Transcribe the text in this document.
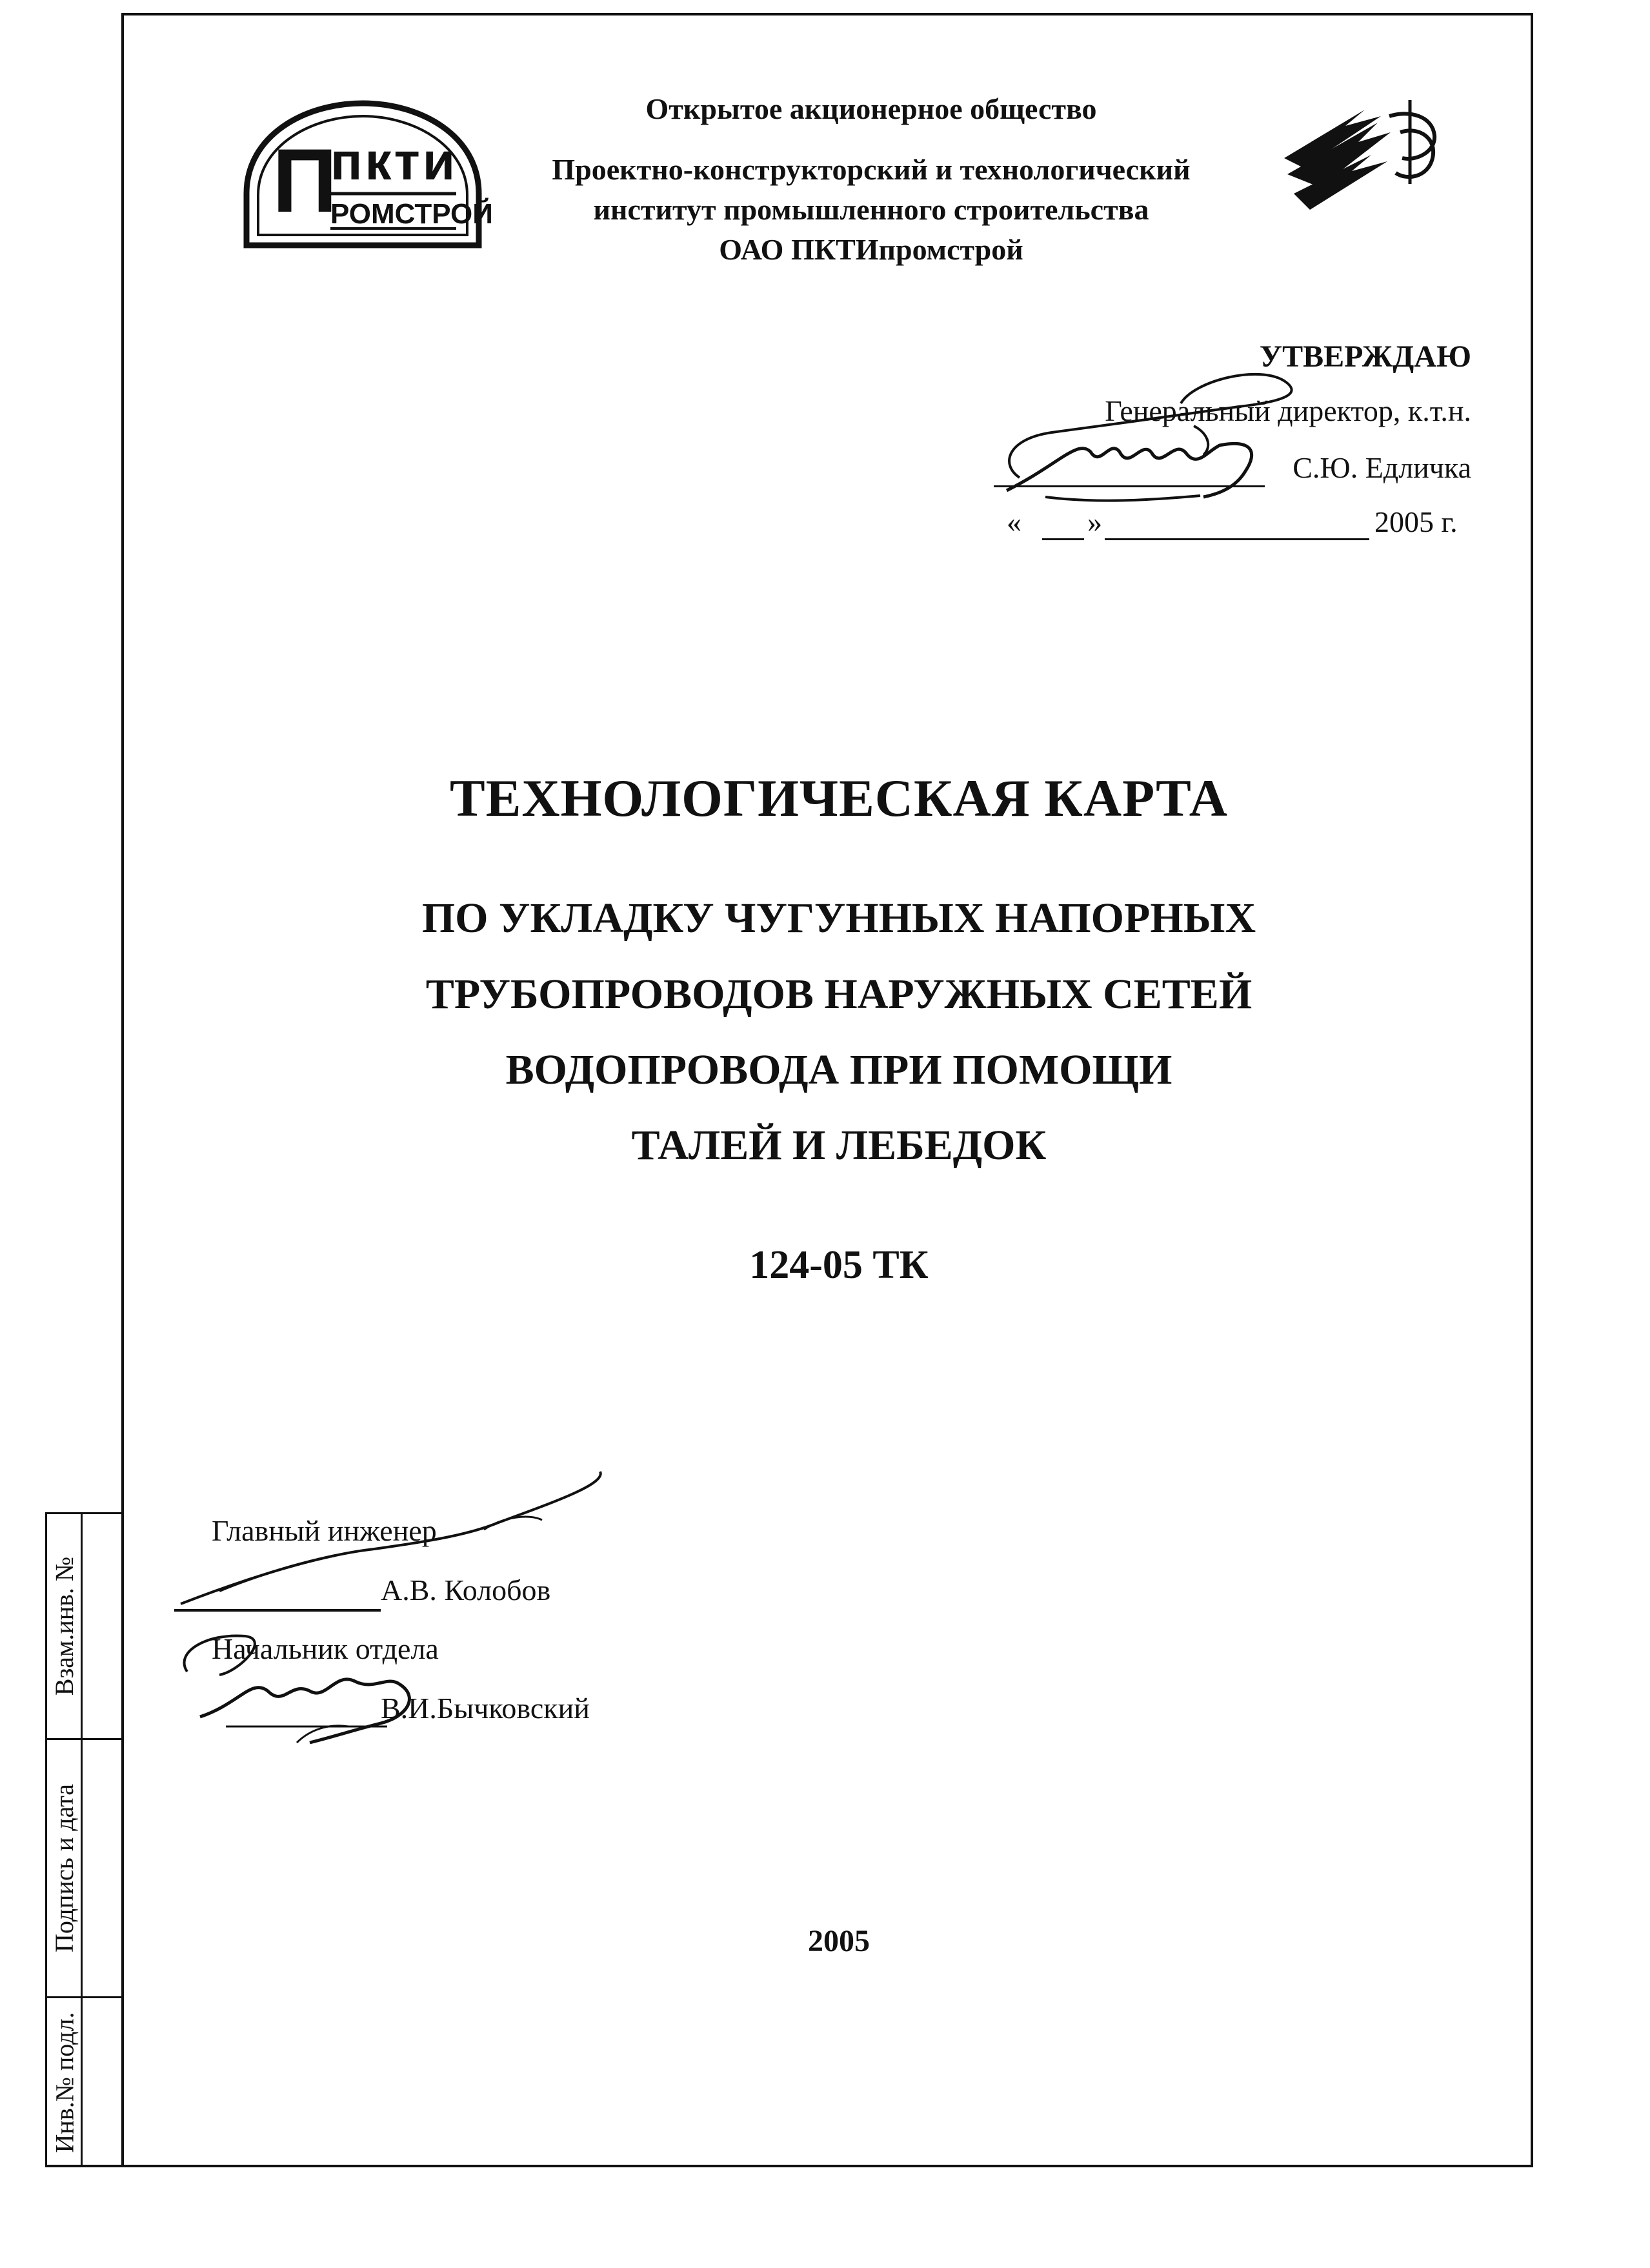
Взам.инв. №
Подпись и дата
Инв.№ подл.
П
пкти
РОМСТРОЙ
Открытое акционерное общество
Проектно-конструкторский и технологический
институт промышленного строительства
ОАО ПКТИпромстрой
УТВЕРЖДАЮ
Генеральный директор, к.т.н.
С.Ю. Едличка
« »	2005 г.
ТЕХНОЛОГИЧЕСКАЯ КАРТА
ПО УКЛАДКУ ЧУГУННЫХ НАПОРНЫХ
ТРУБОПРОВОДОВ НАРУЖНЫХ СЕТЕЙ
ВОДОПРОВОДА ПРИ ПОМОЩИ
ТАЛЕЙ И ЛЕБЕДОК
124-05 ТК
Главный инженер
А.В. Колобов
Начальник отдела
В.И.Бычковский
2005
